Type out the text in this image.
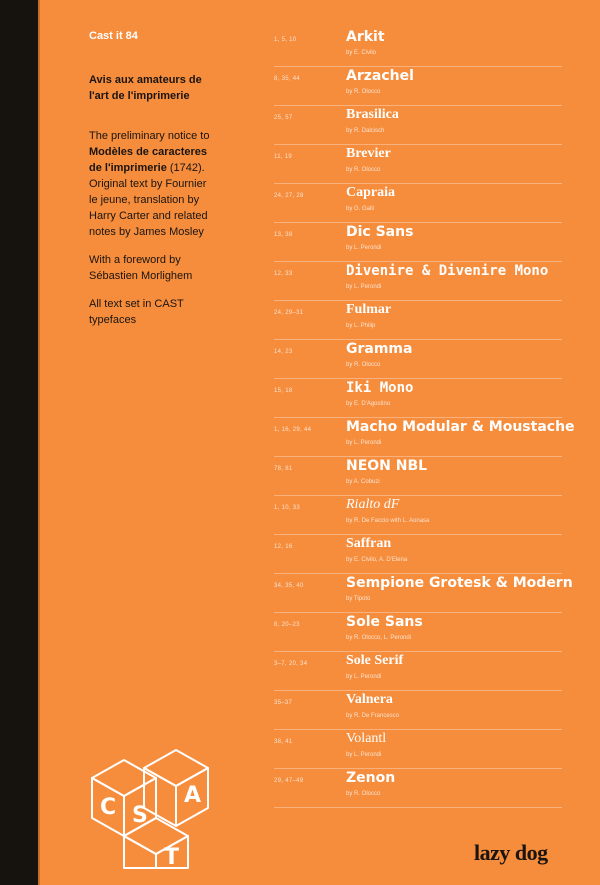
Cast it 84

Avis aux amateurs de
l'art de l'imprimerie

The preliminary notice to
Modèles de caracteres
de l'imprimerie (1742).
Original text by Fournier
le jeune, translation by
Harry Carter and related
notes by James Mosley

With a foreword by
Sébastien Morlighem

All text set in CAST
typefaces

1, 5, 10	Arkit
by E. Civilo
8, 35, 44	Arzachel
by R. Olocco
25, 57	Brasilica
by R. Dalcisch
11, 19	Brevier
by R. Olocco
24, 27, 28	Capraia
by G. Galli
13, 38	Dic Sans
by L. Perondi
12, 33	Divenire & Divenire Mono
by L. Perondi
24, 29–31	Fulmar
by L. Philip
14, 23	Gramma
by R. Olocco
15, 18	Iki Mono
by E. D'Agostino
1, 16, 29, 44 Macho Modular & Moustache
by L. Perondi
78, 81	NEON NBL
by A. Cobuzi
1, 10, 33	Rialto dF
by R. De Faccio with L. Aonasa
12, 16	Saffran
by E. Civilo, A. D'Elena
34, 35, 40	Sempione Grotesk & Modern
by Tipoto
8, 20–23	Sole Sans
by R. Olocco, L. Perondi
3–7, 20, 34	Sole Serif
by L. Perondi
35–37	Valnera
by R. De Francesco
38, 41	Volantl
by L. Perondi
29, 47–49	Zenon
by R. Olocco
C	A
S
T	lazy dog
